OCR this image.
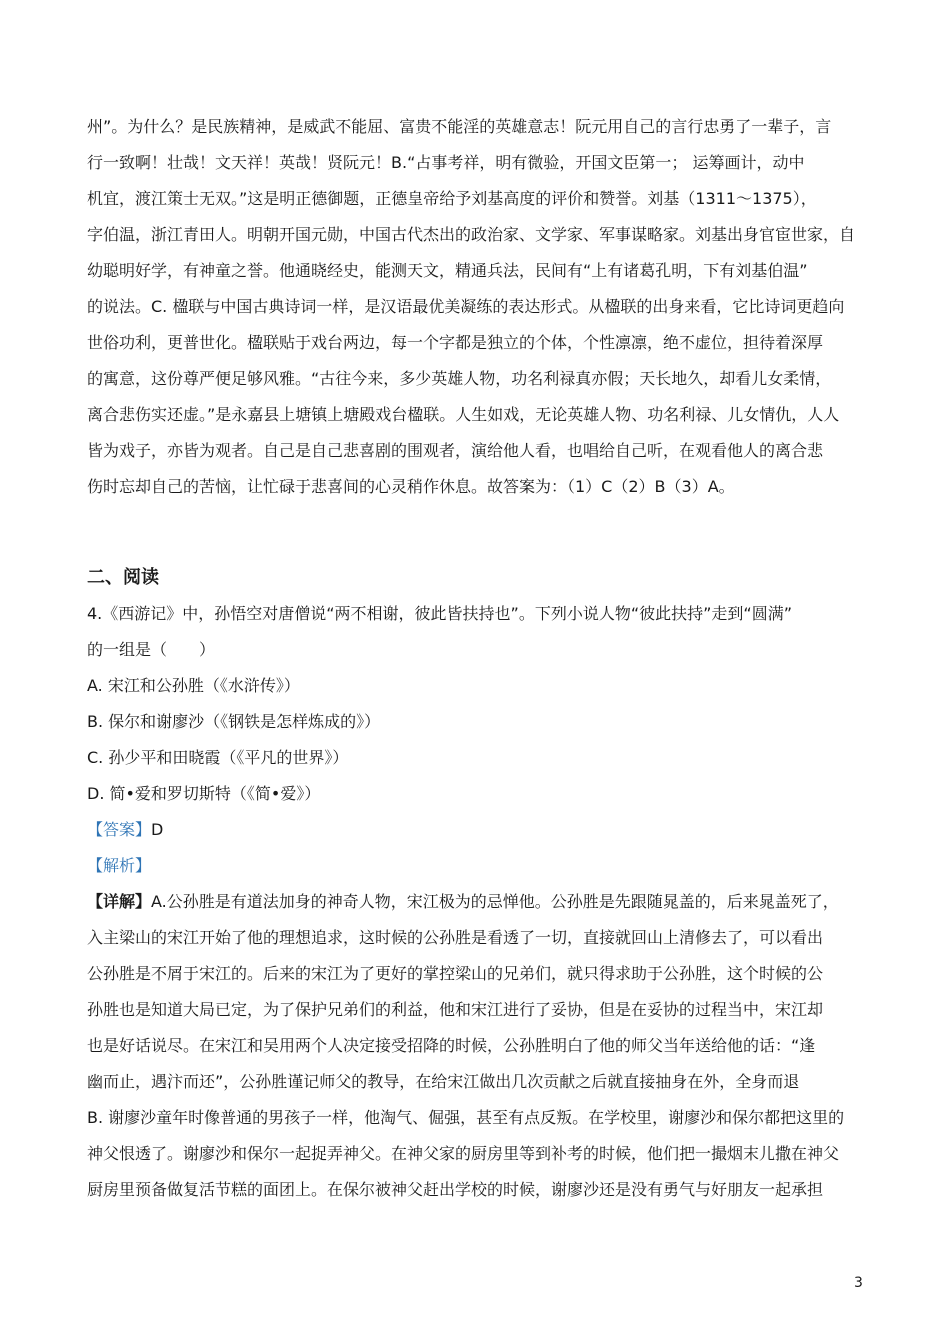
州”。为什么？是民族精神，是威武不能屈、富贵不能淫的英雄意志！阮元用自己的言行忠勇了一辈子，言
行一致啊！壮哉！文天祥！英哉！贤阮元！B.“占事考祥，明有微验，开国文臣第一； 运筹画计，动中
机宜，渡江策士无双。”这是明正德御题，正德皇帝给予刘基高度的评价和赞誉。刘基（1311～1375），
字伯温，浙江青田人。明朝开国元勋，中国古代杰出的政治家、文学家、军事谋略家。刘基出身官宦世家，自
幼聪明好学，有神童之誉。他通晓经史，能测天文，精通兵法，民间有“上有诸葛孔明，下有刘基伯温”
的说法。C. 楹联与中国古典诗词一样，是汉语最优美凝练的表达形式。从楹联的出身来看，它比诗词更趋向
世俗功利，更普世化。楹联贴于戏台两边，每一个字都是独立的个体，个性凛凛，绝不虚位，担待着深厚
的寓意，这份尊严便足够风雅。“古往今来，多少英雄人物，功名利禄真亦假；天长地久，却看儿女柔情，
离合悲伤实还虚。”是永嘉县上塘镇上塘殿戏台楹联。人生如戏，无论英雄人物、功名利禄、儿女情仇，人人
皆为戏子，亦皆为观者。自己是自己悲喜剧的围观者，演给他人看，也唱给自己听，在观看他人的离合悲
伤时忘却自己的苦恼，让忙碌于悲喜间的心灵稍作休息。故答案为：（1）C（2）B（3）A。
二、阅读
4.《西游记》中，孙悟空对唐僧说“两不相谢，彼此皆扶持也”。下列小说人物“彼此扶持”走到“圆满”
的一组是（　　）
A. 宋江和公孙胜（《水浒传》）
B. 保尔和谢廖沙（《钢铁是怎样炼成的》）
C. 孙少平和田晓霞（《平凡的世界》）
D. 简•爱和罗切斯特（《简•爱》）
【答案】D
【解析】
【详解】A.公孙胜是有道法加身的神奇人物，宋江极为的忌惮他。公孙胜是先跟随晁盖的，后来晁盖死了，
入主梁山的宋江开始了他的理想追求，这时候的公孙胜是看透了一切，直接就回山上清修去了，可以看出
公孙胜是不屑于宋江的。后来的宋江为了更好的掌控梁山的兄弟们，就只得求助于公孙胜，这个时候的公
孙胜也是知道大局已定，为了保护兄弟们的利益，他和宋江进行了妥协，但是在妥协的过程当中，宋江却
也是好话说尽。在宋江和吴用两个人决定接受招降的时候，公孙胜明白了他的师父当年送给他的话：“逢
幽而止，遇汴而还”，公孙胜谨记师父的教导，在给宋江做出几次贡献之后就直接抽身在外，全身而退
B. 谢廖沙童年时像普通的男孩子一样，他淘气、倔强，甚至有点反叛。在学校里，谢廖沙和保尔都把这里的
神父恨透了。谢廖沙和保尔一起捉弄神父。在神父家的厨房里等到补考的时候，他们把一撮烟末儿撒在神父
厨房里预备做复活节糕的面团上。在保尔被神父赶出学校的时候，谢廖沙还是没有勇气与好朋友一起承担
3
